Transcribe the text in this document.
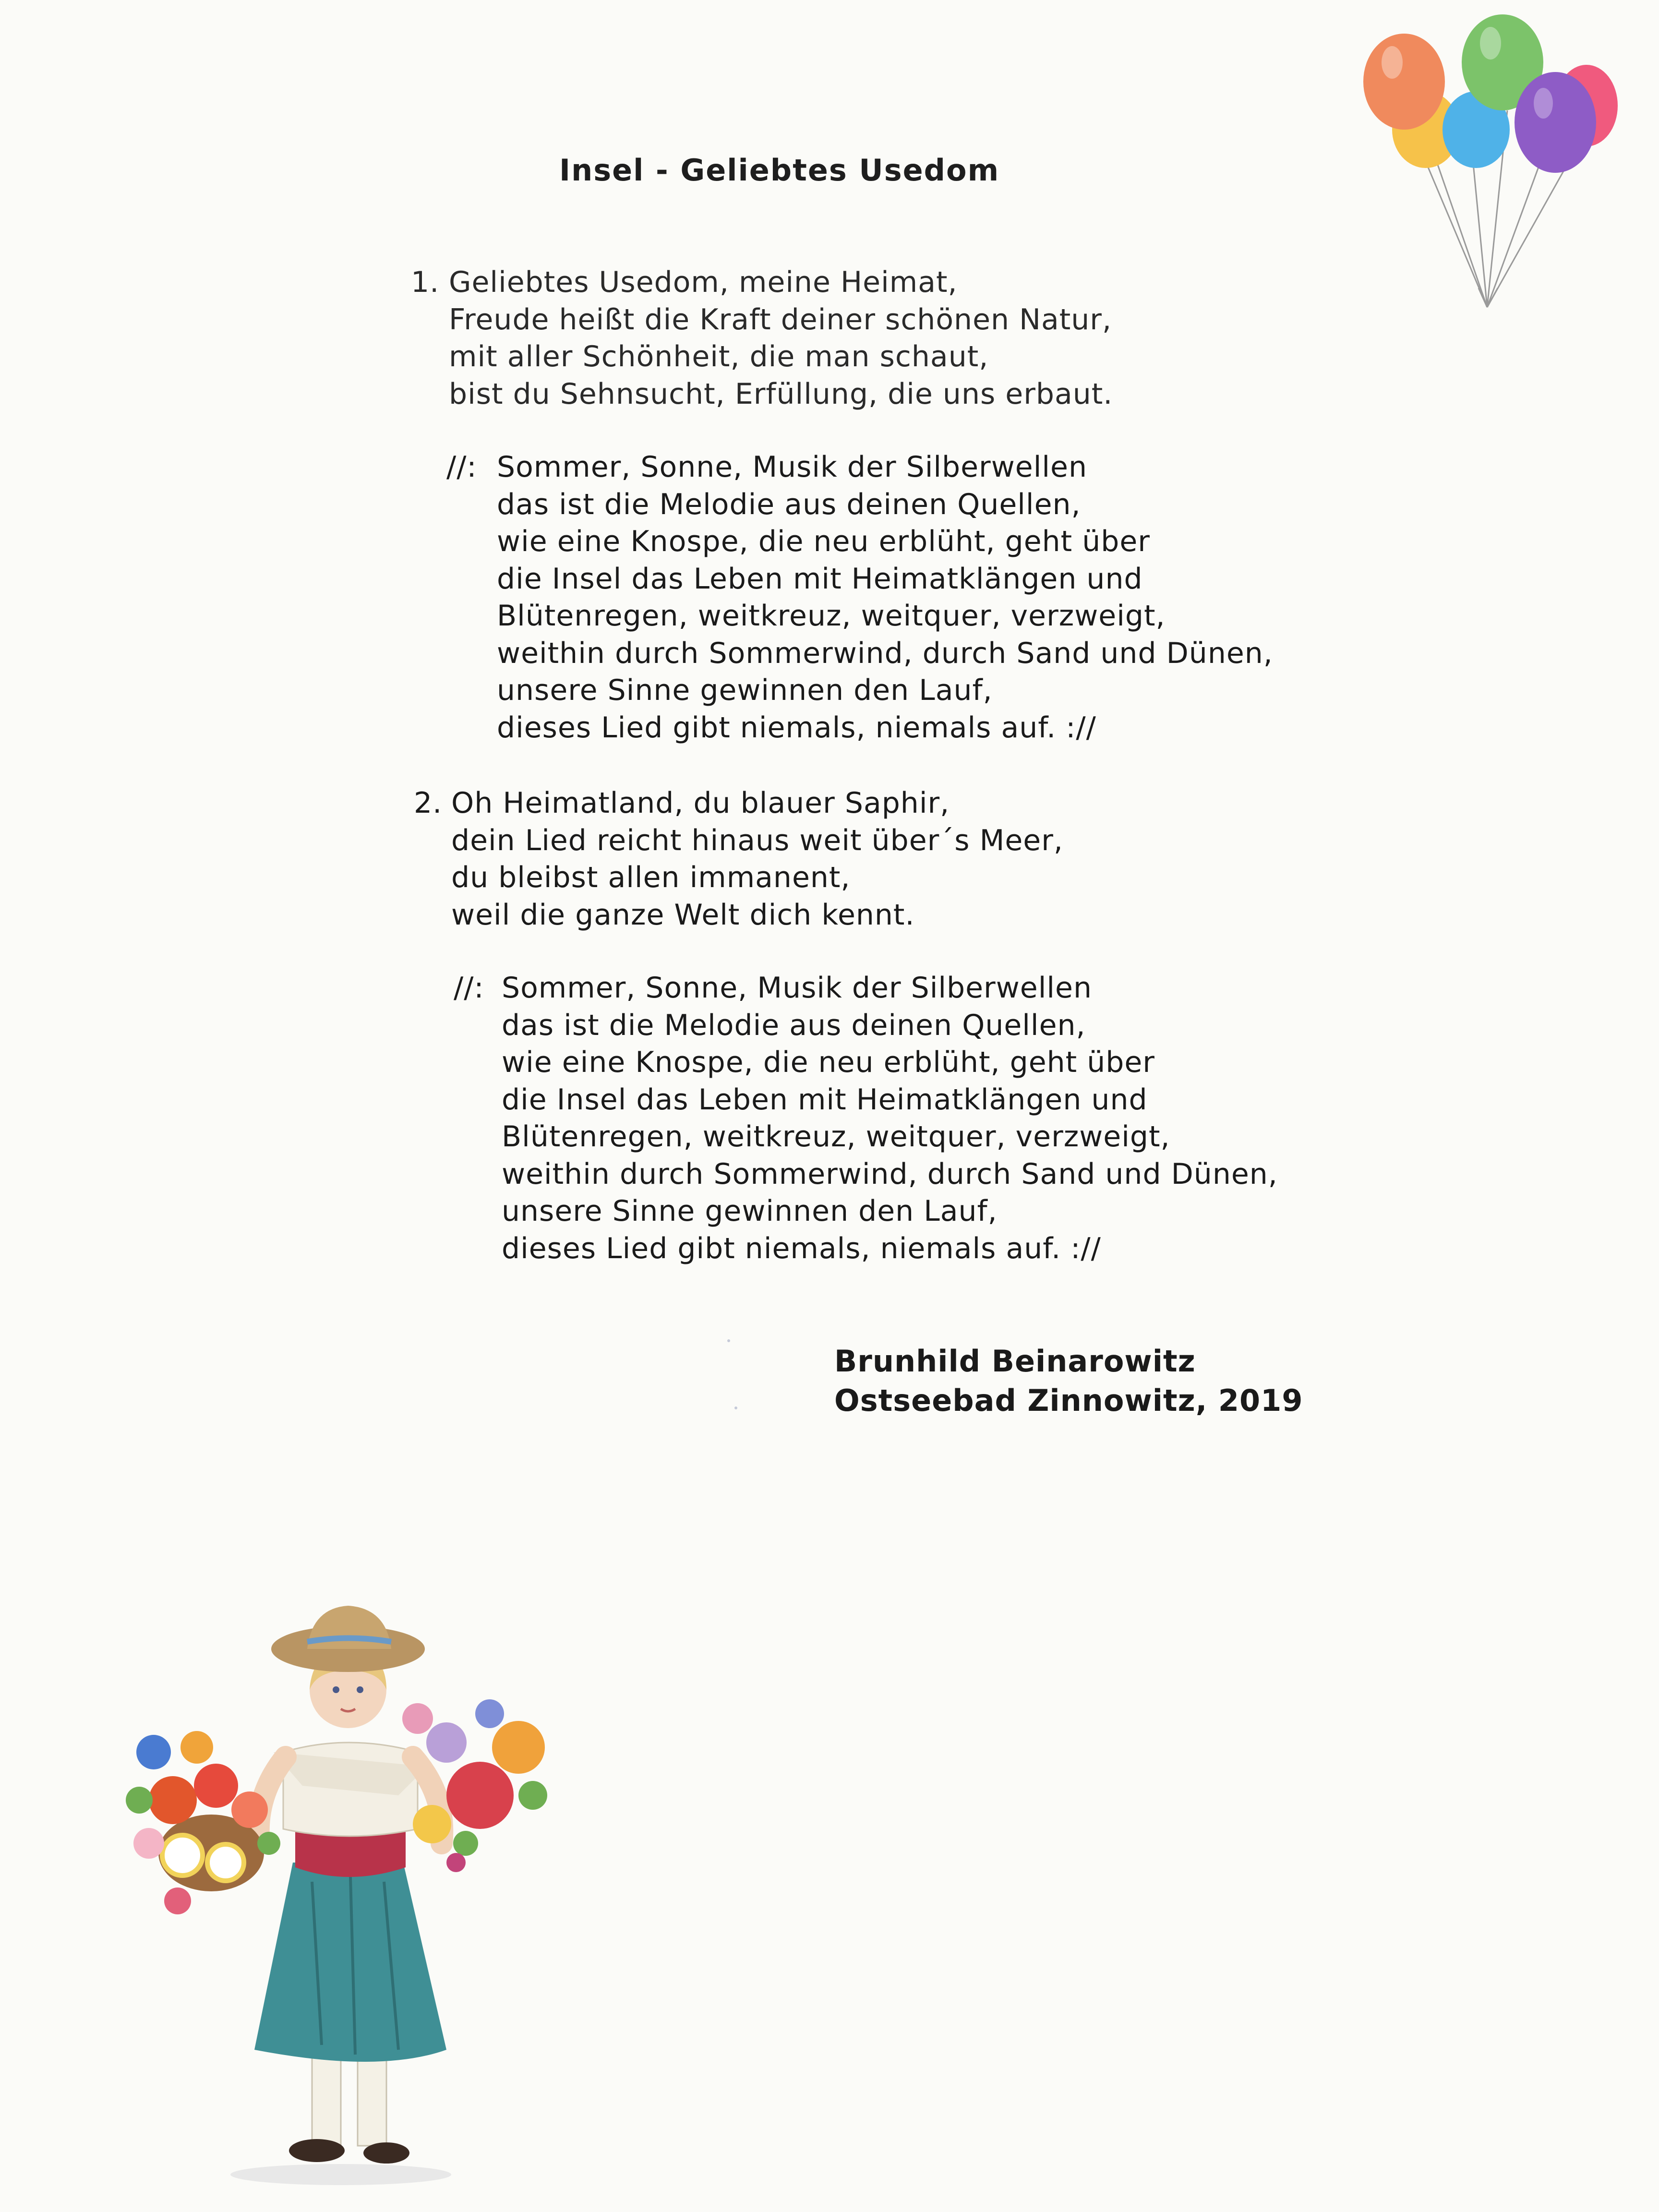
Insel - Geliebtes Usedom
1. Geliebtes Usedom, meine Heimat,
Freude heißt die Kraft deiner schönen Natur,
mit aller Schönheit, die man schaut,
bist du Sehnsucht, Erfüllung, die uns erbaut.
//: Sommer, Sonne, Musik der Silberwellen
das ist die Melodie aus deinen Quellen,
wie eine Knospe, die neu erblüht, geht über
die Insel das Leben mit Heimatklängen und
Blütenregen, weitkreuz, weitquer, verzweigt,
weithin durch Sommerwind, durch Sand und Dünen,
unsere Sinne gewinnen den Lauf,
dieses Lied gibt niemals, niemals auf. ://
2. Oh Heimatland, du blauer Saphir,
dein Lied reicht hinaus weit über´s Meer,
du bleibst allen immanent,
weil die ganze Welt dich kennt.
//: Sommer, Sonne, Musik der Silberwellen
das ist die Melodie aus deinen Quellen,
wie eine Knospe, die neu erblüht, geht über
die Insel das Leben mit Heimatklängen und
Blütenregen, weitkreuz, weitquer, verzweigt,
weithin durch Sommerwind, durch Sand und Dünen,
unsere Sinne gewinnen den Lauf,
dieses Lied gibt niemals, niemals auf. ://
Brunhild Beinarowitz
Ostseebad Zinnowitz, 2019
